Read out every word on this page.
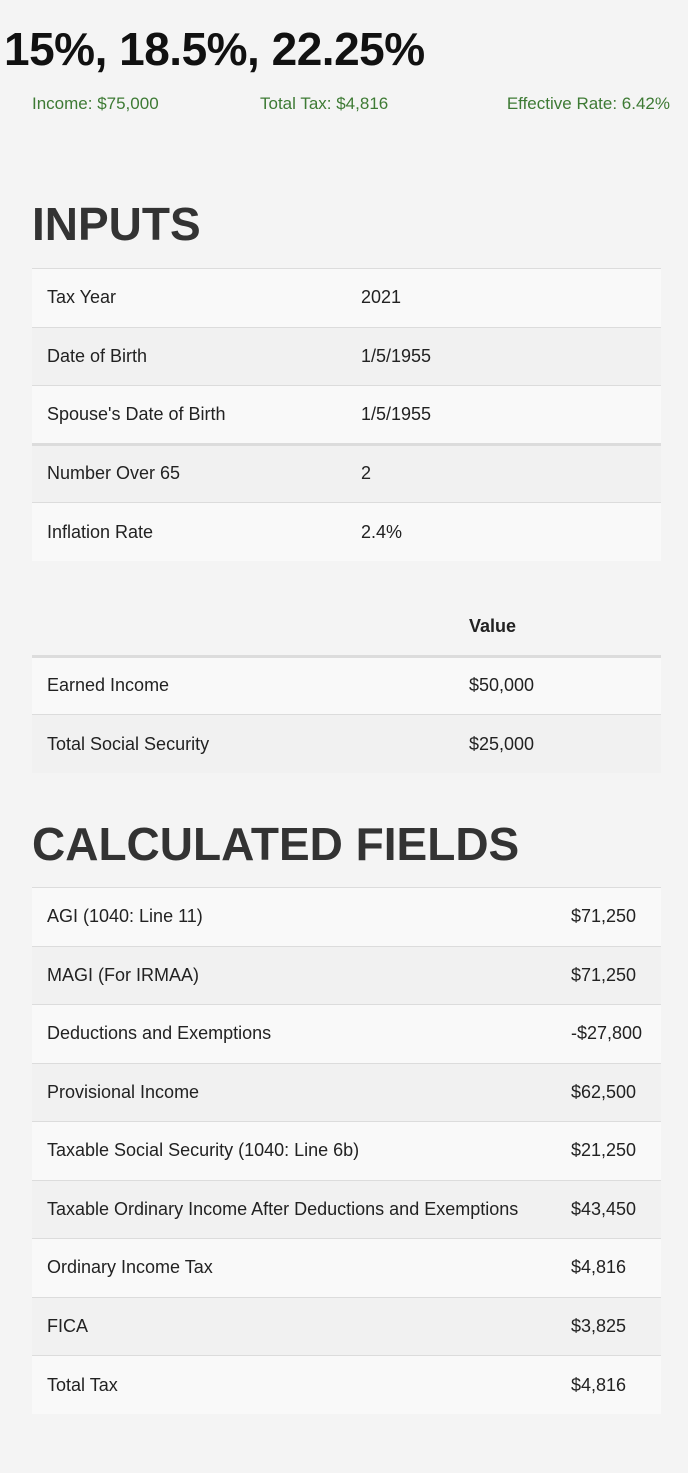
15%, 18.5%, 22.25%
Income: $75,000	Total Tax: $4,816	Effective Rate: 6.42%
INPUTS
Tax Year	2021
Date of Birth	1/5/1955
Spouse's Date of Birth	1/5/1955
Number Over 65	2
Inflation Rate	2.4%
	Value
Earned Income	$50,000
Total Social Security	$25,000
CALCULATED FIELDS
AGI (1040: Line 11)	$71,250
MAGI (For IRMAA)	$71,250
Deductions and Exemptions	-$27,800
Provisional Income	$62,500
Taxable Social Security (1040: Line 6b)	$21,250
Taxable Ordinary Income After Deductions and Exemptions	$43,450
Ordinary Income Tax	$4,816
FICA	$3,825
Total Tax	$4,816
